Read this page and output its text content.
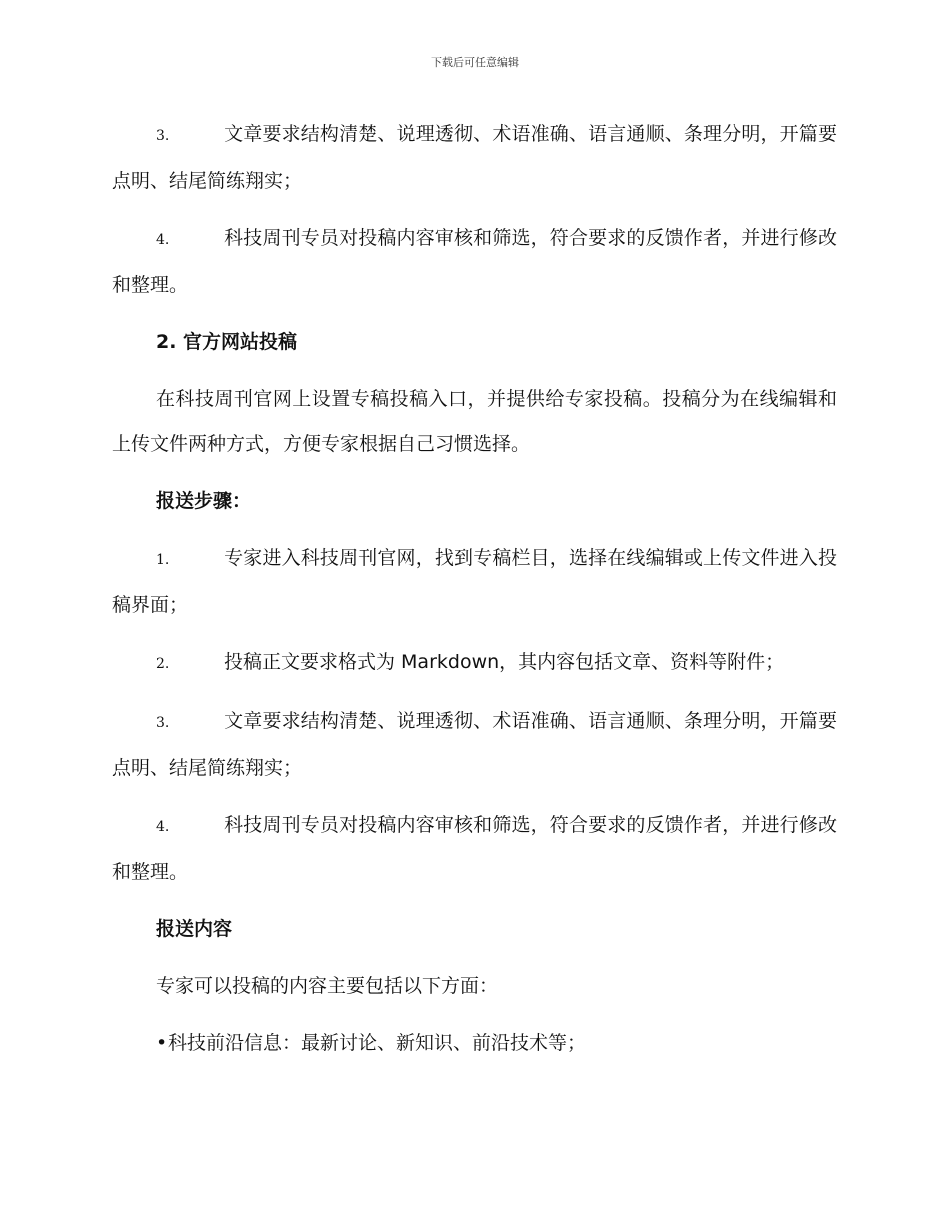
下载后可任意编辑

3.	文章要求结构清楚、说理透彻、术语准确、语言通顺、条理分明，开篇要点明、结尾简练翔实；

4.	科技周刊专员对投稿内容审核和筛选，符合要求的反馈作者，并进行修改和整理。

2. 官方网站投稿

在科技周刊官网上设置专稿投稿入口，并提供给专家投稿。投稿分为在线编辑和上传文件两种方式，方便专家根据自己习惯选择。

报送步骤：

1.	专家进入科技周刊官网，找到专稿栏目，选择在线编辑或上传文件进入投稿界面；

2.	投稿正文要求格式为 Markdown，其内容包括文章、资料等附件；

3.	文章要求结构清楚、说理透彻、术语准确、语言通顺、条理分明，开篇要点明、结尾简练翔实；

4.	科技周刊专员对投稿内容审核和筛选，符合要求的反馈作者，并进行修改和整理。

报送内容

专家可以投稿的内容主要包括以下方面：

•科技前沿信息：最新讨论、新知识、前沿技术等；
